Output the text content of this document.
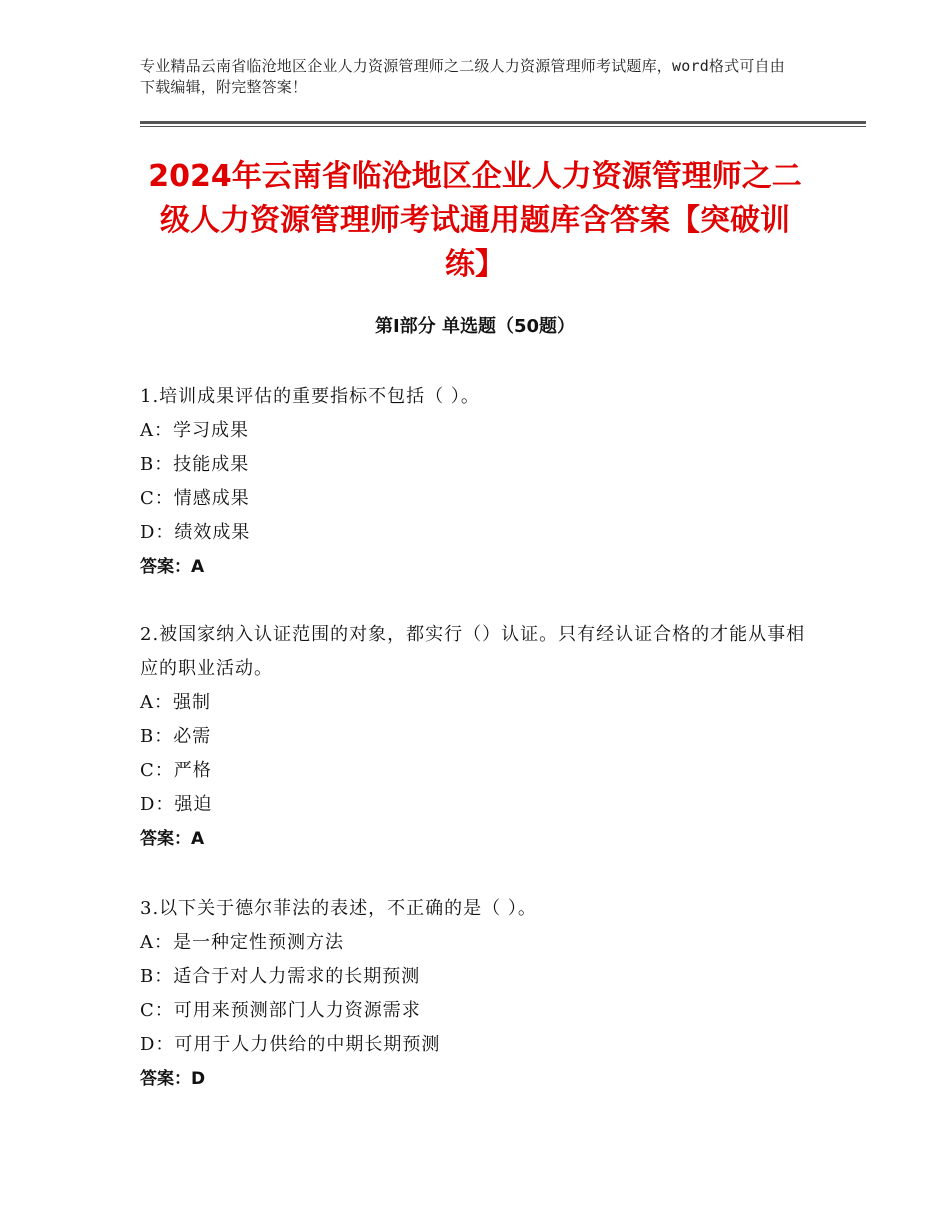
专业精品云南省临沧地区企业人力资源管理师之二级人力资源管理师考试题库，word格式可自由下载编辑，附完整答案！
2024年云南省临沧地区企业人力资源管理师之二级人力资源管理师考试通用题库含答案【突破训练】
第Ⅰ部分 单选题（50题）
1.培训成果评估的重要指标不包括（ ）。
A：学习成果
B：技能成果
C：情感成果
D：绩效成果
答案：A
2.被国家纳入认证范围的对象，都实行（）认证。只有经认证合格的才能从事相应的职业活动。
A：强制
B：必需
C：严格
D：强迫
答案：A
3.以下关于德尔菲法的表述，不正确的是（ ）。
A：是一种定性预测方法
B：适合于对人力需求的长期预测
C：可用来预测部门人力资源需求
D：可用于人力供给的中期长期预测
答案：D
